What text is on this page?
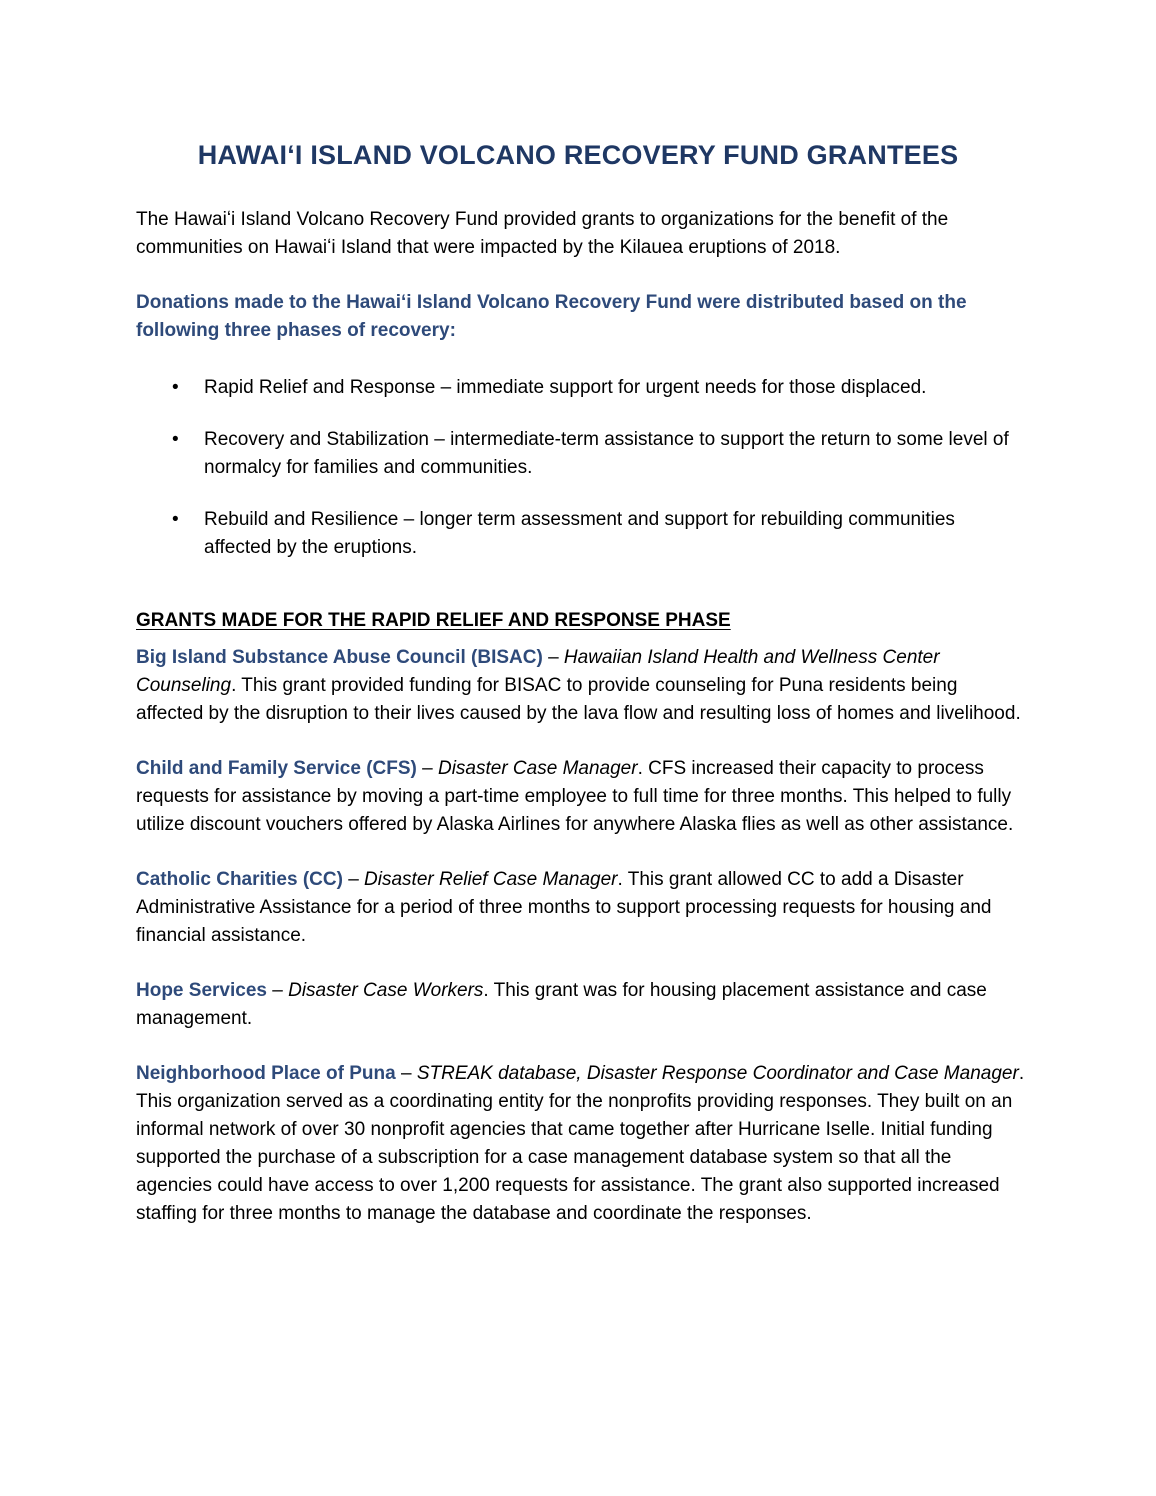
HAWAIʻI ISLAND VOLCANO RECOVERY FUND GRANTEES
The Hawaiʻi Island Volcano Recovery Fund provided grants to organizations for the benefit of the communities on Hawaiʻi Island that were impacted by the Kilauea eruptions of 2018.
Donations made to the Hawaiʻi Island Volcano Recovery Fund were distributed based on the following three phases of recovery:
• Rapid Relief and Response – immediate support for urgent needs for those displaced.
• Recovery and Stabilization – intermediate-term assistance to support the return to some level of normalcy for families and communities.
• Rebuild and Resilience – longer term assessment and support for rebuilding communities affected by the eruptions.
GRANTS MADE FOR THE RAPID RELIEF AND RESPONSE PHASE

Big Island Substance Abuse Council (BISAC) – Hawaiian Island Health and Wellness Center Counseling. This grant provided funding for BISAC to provide counseling for Puna residents being affected by the disruption to their lives caused by the lava flow and resulting loss of homes and livelihood.

Child and Family Service (CFS) – Disaster Case Manager. CFS increased their capacity to process requests for assistance by moving a part-time employee to full time for three months. This helped to fully utilize discount vouchers offered by Alaska Airlines for anywhere Alaska flies as well as other assistance.

Catholic Charities (CC) – Disaster Relief Case Manager. This grant allowed CC to add a Disaster Administrative Assistance for a period of three months to support processing requests for housing and financial assistance.

Hope Services – Disaster Case Workers. This grant was for housing placement assistance and case management.

Neighborhood Place of Puna – STREAK database, Disaster Response Coordinator and Case Manager. This organization served as a coordinating entity for the nonprofits providing responses. They built on an informal network of over 30 nonprofit agencies that came together after Hurricane Iselle. Initial funding supported the purchase of a subscription for a case management database system so that all the agencies could have access to over 1,200 requests for assistance. The grant also supported increased staffing for three months to manage the database and coordinate the responses.
